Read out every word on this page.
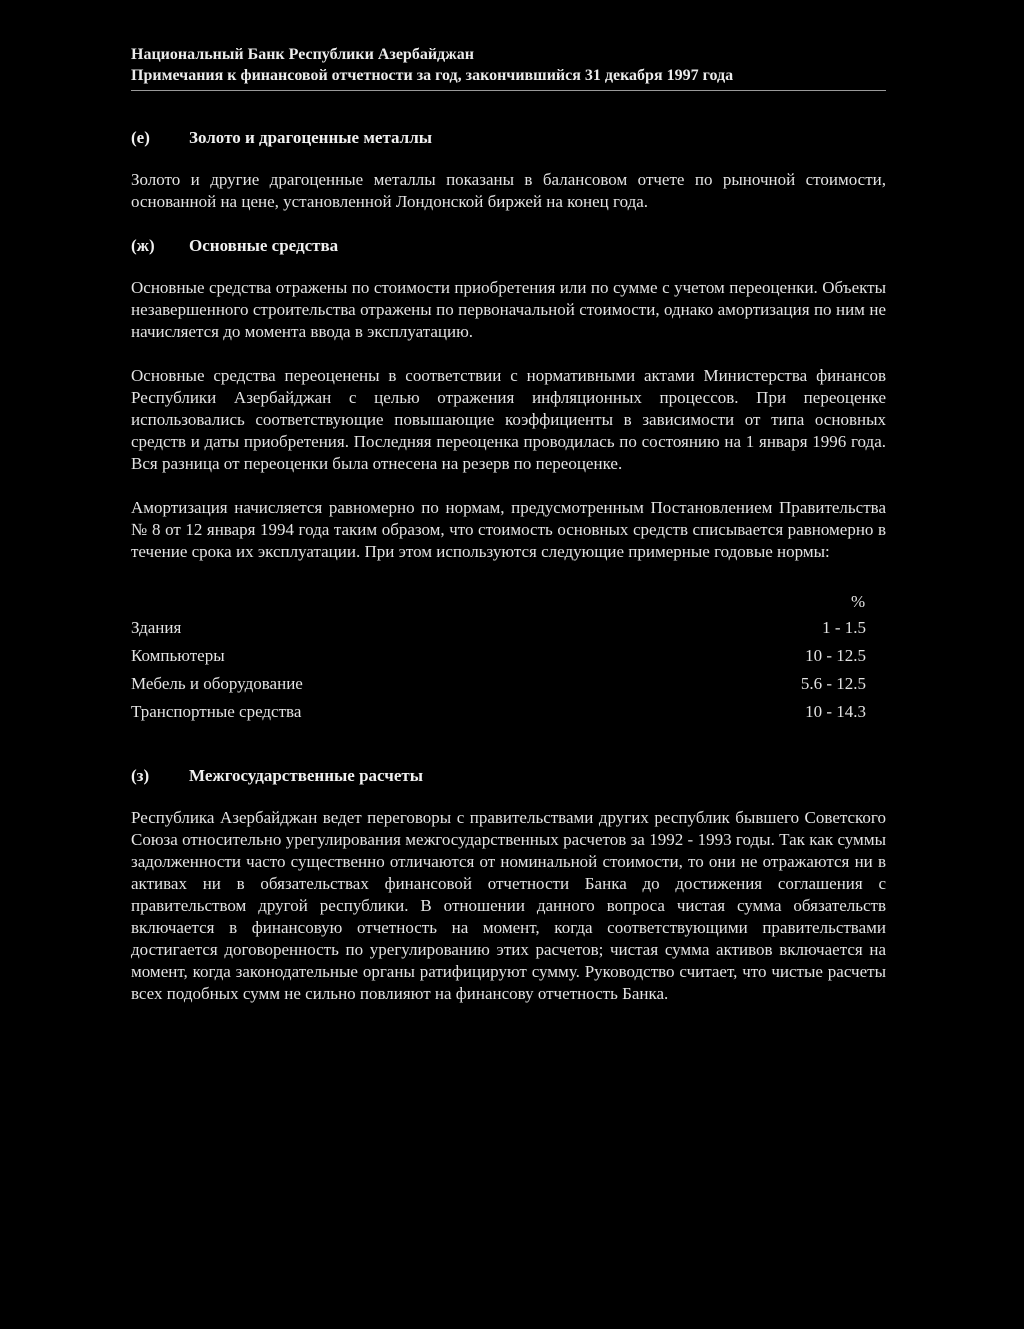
Национальный Банк Республики Азербайджан
Примечания к финансовой отчетности за год, закончившийся 31 декабря 1997 года
(е)	Золото и драгоценные металлы

Золото и другие драгоценные металлы показаны в балансовом отчете по рыночной стоимости, основанной на цене, установленной Лондонской биржей на конец года.

(ж)	Основные средства

Основные средства отражены по стоимости приобретения или по сумме с учетом переоценки. Объекты незавершенного строительства отражены по первоначальной стоимости, однако амортизация по ним не начисляется до момента ввода в эксплуатацию.

Основные средства переоценены в соответствии с нормативными актами Министерства финансов Республики Азербайджан с целью отражения инфляционных процессов. При переоценке использовались соответствующие повышающие коэффициенты в зависимости от типа основных средств и даты приобретения. Последняя переоценка проводилась по состоянию на 1 января 1996 года. Вся разница от переоценки была отнесена на резерв по переоценке.

Амортизация начисляется равномерно по нормам, предусмотренным Постановлением Правительства № 8 от 12 января 1994 года таким образом, что стоимость основных средств списывается равномерно в течение срока их эксплуатации. При этом используются следующие примерные годовые нормы:

%
Здания	1 - 1.5
Компьютеры	10 - 12.5
Мебель и оборудование	5.6 - 12.5
Транспортные средства	10 - 14.3
(з)	Межгосударственные расчеты

Республика Азербайджан ведет переговоры с правительствами других республик бывшего Советского Союза относительно урегулирования межгосударственных расчетов за 1992 - 1993 годы. Так как суммы задолженности часто существенно отличаются от номинальной стоимости, то они не отражаются ни в активах ни в обязательствах финансовой отчетности Банка до достижения соглашения с правительством другой республики. В отношении данного вопроса чистая сумма обязательств включается в финансовую отчетность на момент, когда соответствующими правительствами достигается договоренность по урегулированию этих расчетов; чистая сумма активов включается на момент, когда законодательные органы ратифицируют сумму. Руководство считает, что чистые расчеты всех подобных сумм не сильно повлияют на финансову отчетность Банка.
